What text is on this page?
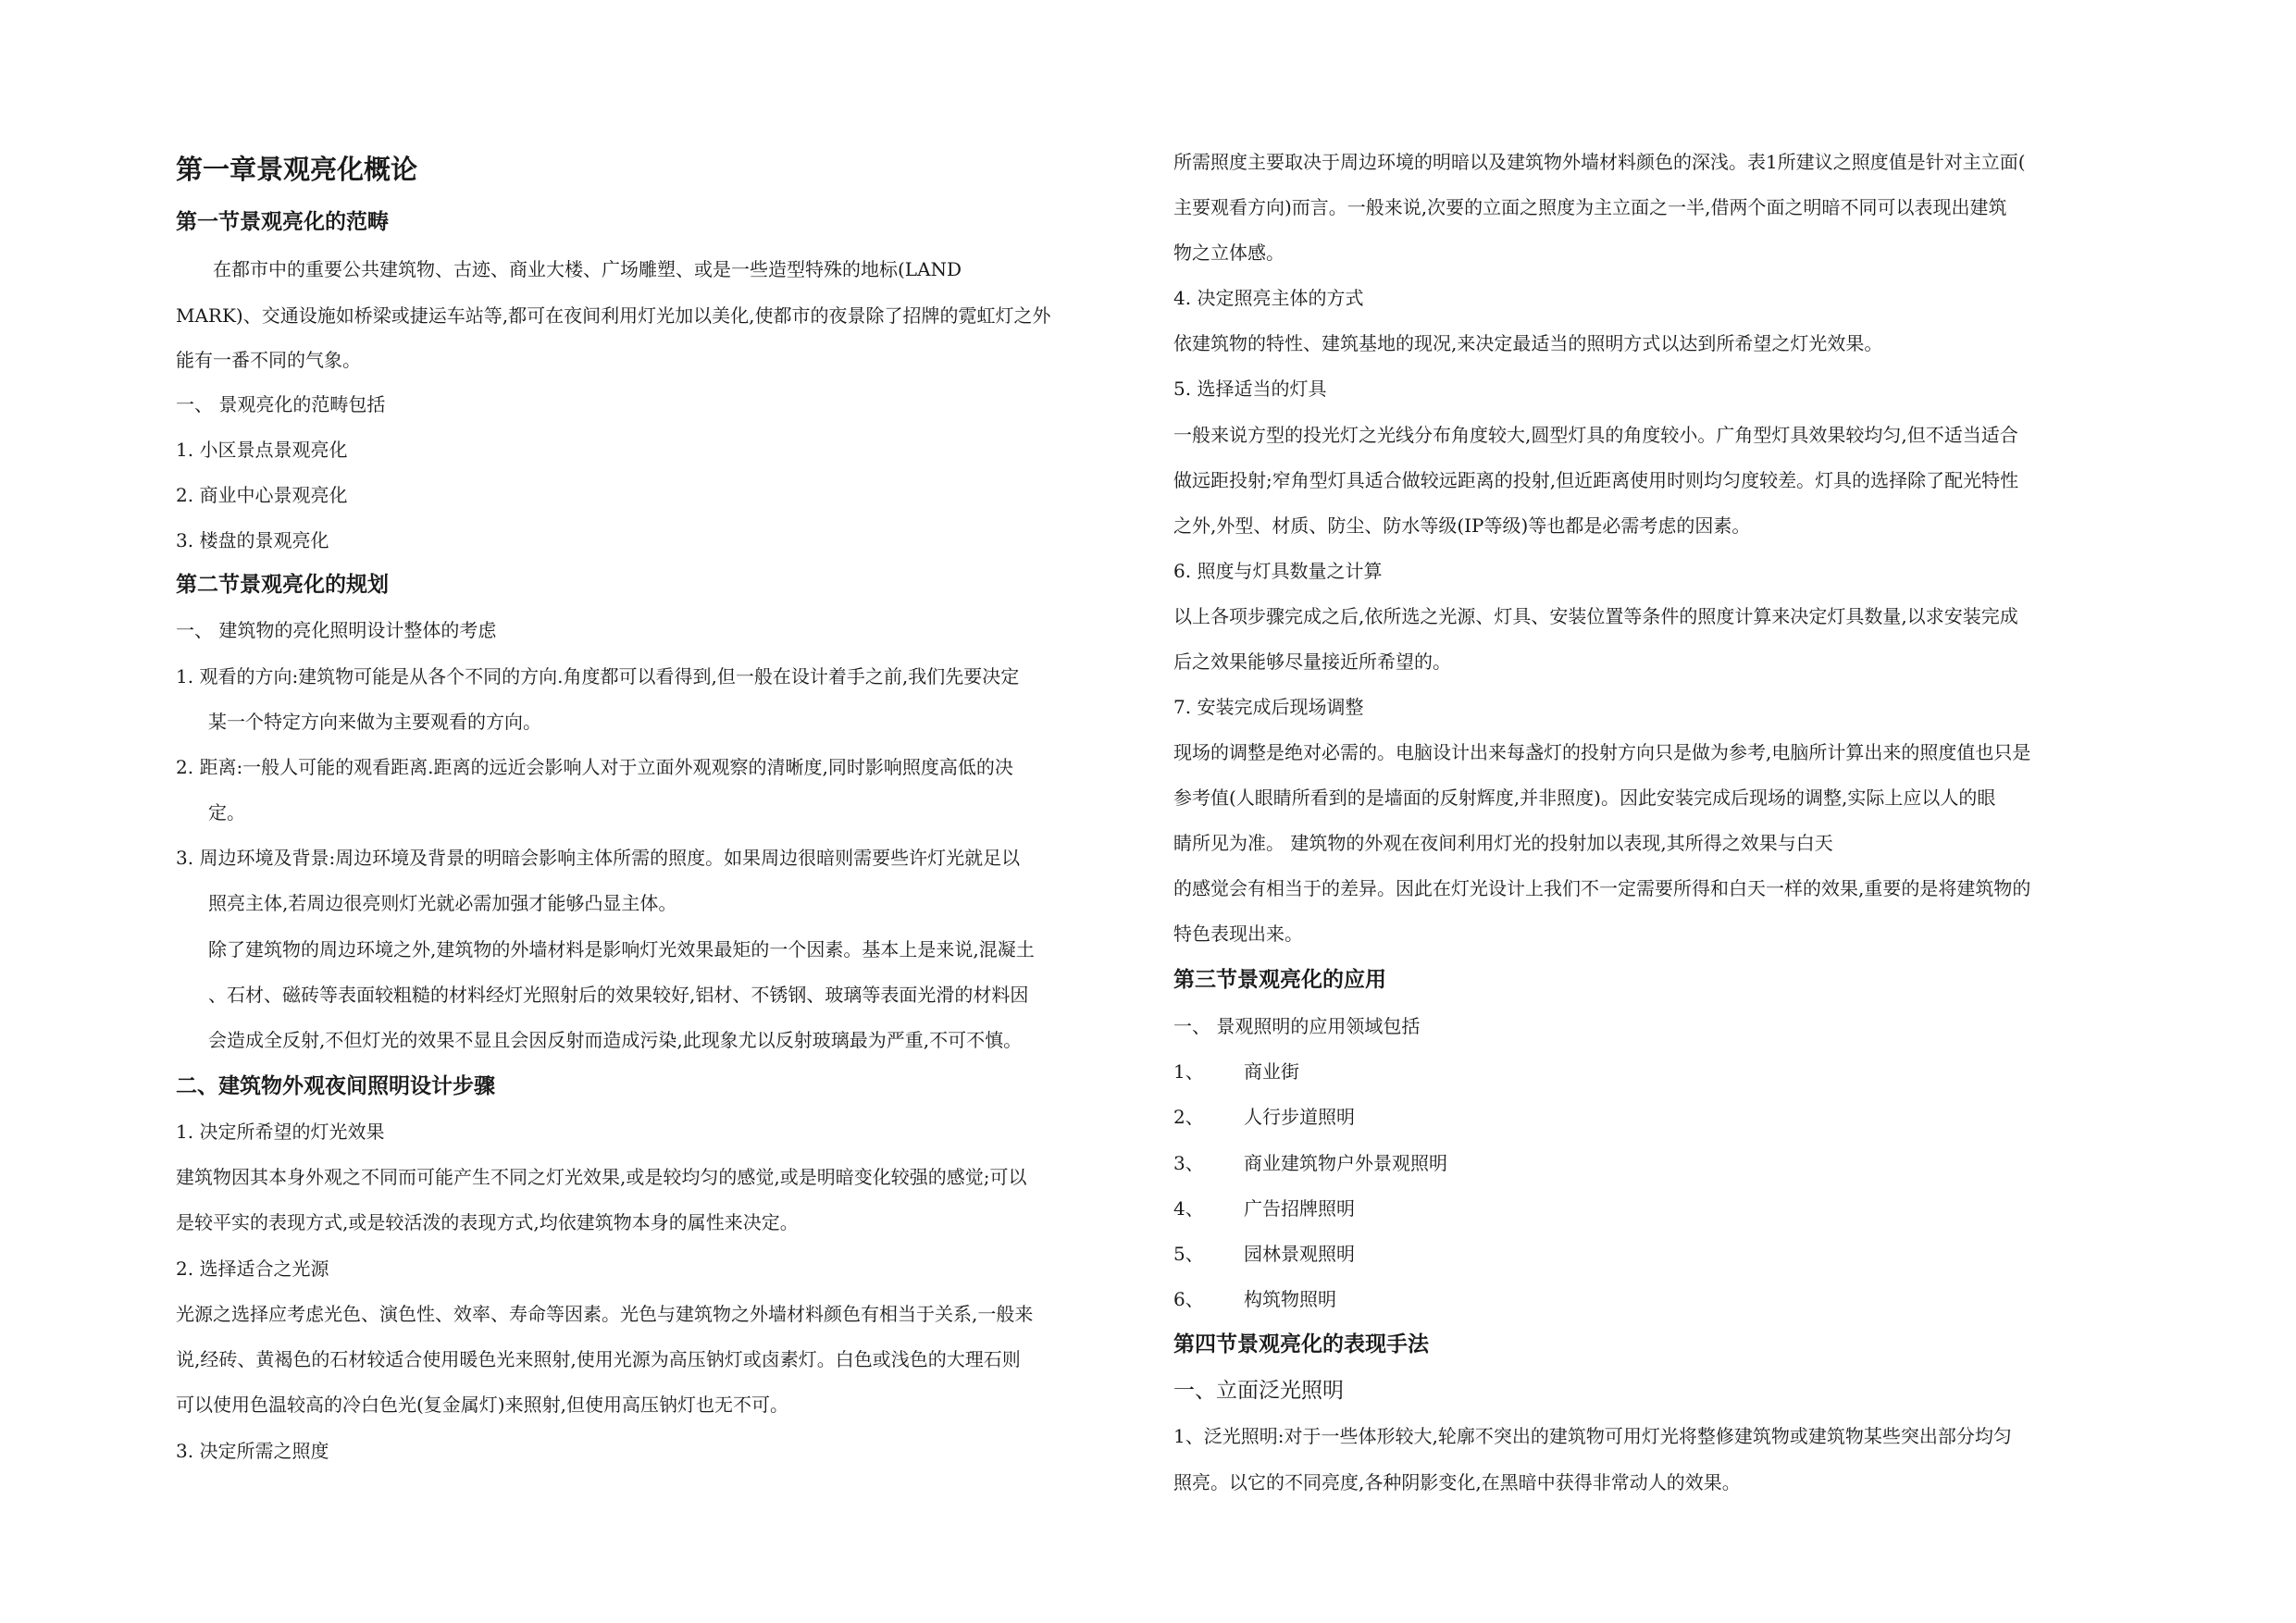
第一章景观亮化概论
第一节景观亮化的范畴
在都市中的重要公共建筑物、古迹、商业大楼、广场雕塑、或是一些造型特殊的地标(LAND
MARK)、交通设施如桥梁或捷运车站等,都可在夜间利用灯光加以美化,使都市的夜景除了招牌的霓虹灯之外
能有一番不同的气象。
一、 景观亮化的范畴包括
1. 小区景点景观亮化
2. 商业中心景观亮化
3. 楼盘的景观亮化
第二节景观亮化的规划
一、 建筑物的亮化照明设计整体的考虑
1. 观看的方向:建筑物可能是从各个不同的方向.角度都可以看得到,但一般在设计着手之前,我们先要决定
某一个特定方向来做为主要观看的方向。
2. 距离:一般人可能的观看距离.距离的远近会影响人对于立面外观观察的清晰度,同时影响照度高低的决
定。
3. 周边环境及背景:周边环境及背景的明暗会影响主体所需的照度。如果周边很暗则需要些许灯光就足以
照亮主体,若周边很亮则灯光就必需加强才能够凸显主体。
除了建筑物的周边环境之外,建筑物的外墙材料是影响灯光效果最矩的一个因素。基本上是来说,混凝土
、石材、磁砖等表面较粗糙的材料经灯光照射后的效果较好,铝材、不锈钢、玻璃等表面光滑的材料因
会造成全反射,不但灯光的效果不显且会因反射而造成污染,此现象尤以反射玻璃最为严重,不可不慎。
二、建筑物外观夜间照明设计步骤
1. 决定所希望的灯光效果
建筑物因其本身外观之不同而可能产生不同之灯光效果,或是较均匀的感觉,或是明暗变化较强的感觉;可以
是较平实的表现方式,或是较活泼的表现方式,均依建筑物本身的属性来决定。
2. 选择适合之光源
光源之选择应考虑光色、演色性、效率、寿命等因素。光色与建筑物之外墙材料颜色有相当于关系,一般来
说,经砖、黄褐色的石材较适合使用暖色光来照射,使用光源为高压钠灯或卤素灯。白色或浅色的大理石则
可以使用色温较高的冷白色光(复金属灯)来照射,但使用高压钠灯也无不可。
3. 决定所需之照度
所需照度主要取决于周边环境的明暗以及建筑物外墙材料颜色的深浅。表1所建议之照度值是针对主立面(
主要观看方向)而言。一般来说,次要的立面之照度为主立面之一半,借两个面之明暗不同可以表现出建筑
物之立体感。
4. 决定照亮主体的方式
依建筑物的特性、建筑基地的现况,来决定最适当的照明方式以达到所希望之灯光效果。
5. 选择适当的灯具
一般来说方型的投光灯之光线分布角度较大,圆型灯具的角度较小。广角型灯具效果较均匀,但不适当适合
做远距投射;窄角型灯具适合做较远距离的投射,但近距离使用时则均匀度较差。灯具的选择除了配光特性
之外,外型、材质、防尘、防水等级(IP等级)等也都是必需考虑的因素。
6. 照度与灯具数量之计算
以上各项步骤完成之后,依所选之光源、灯具、安装位置等条件的照度计算来决定灯具数量,以求安装完成
后之效果能够尽量接近所希望的。
7. 安装完成后现场调整
现场的调整是绝对必需的。电脑设计出来每盏灯的投射方向只是做为参考,电脑所计算出来的照度值也只是
参考值(人眼睛所看到的是墙面的反射辉度,并非照度)。因此安装完成后现场的调整,实际上应以人的眼
睛所见为准。 建筑物的外观在夜间利用灯光的投射加以表现,其所得之效果与白天
的感觉会有相当于的差异。因此在灯光设计上我们不一定需要所得和白天一样的效果,重要的是将建筑物的
特色表现出来。
第三节景观亮化的应用
一、 景观照明的应用领域包括
1、 商业街
2、 人行步道照明
3、 商业建筑物户外景观照明
4、 广告招牌照明
5、 园林景观照明
6、 构筑物照明
第四节景观亮化的表现手法
一、立面泛光照明
1、泛光照明:对于一些体形较大,轮廓不突出的建筑物可用灯光将整修建筑物或建筑物某些突出部分均匀
照亮。以它的不同亮度,各种阴影变化,在黑暗中获得非常动人的效果。
